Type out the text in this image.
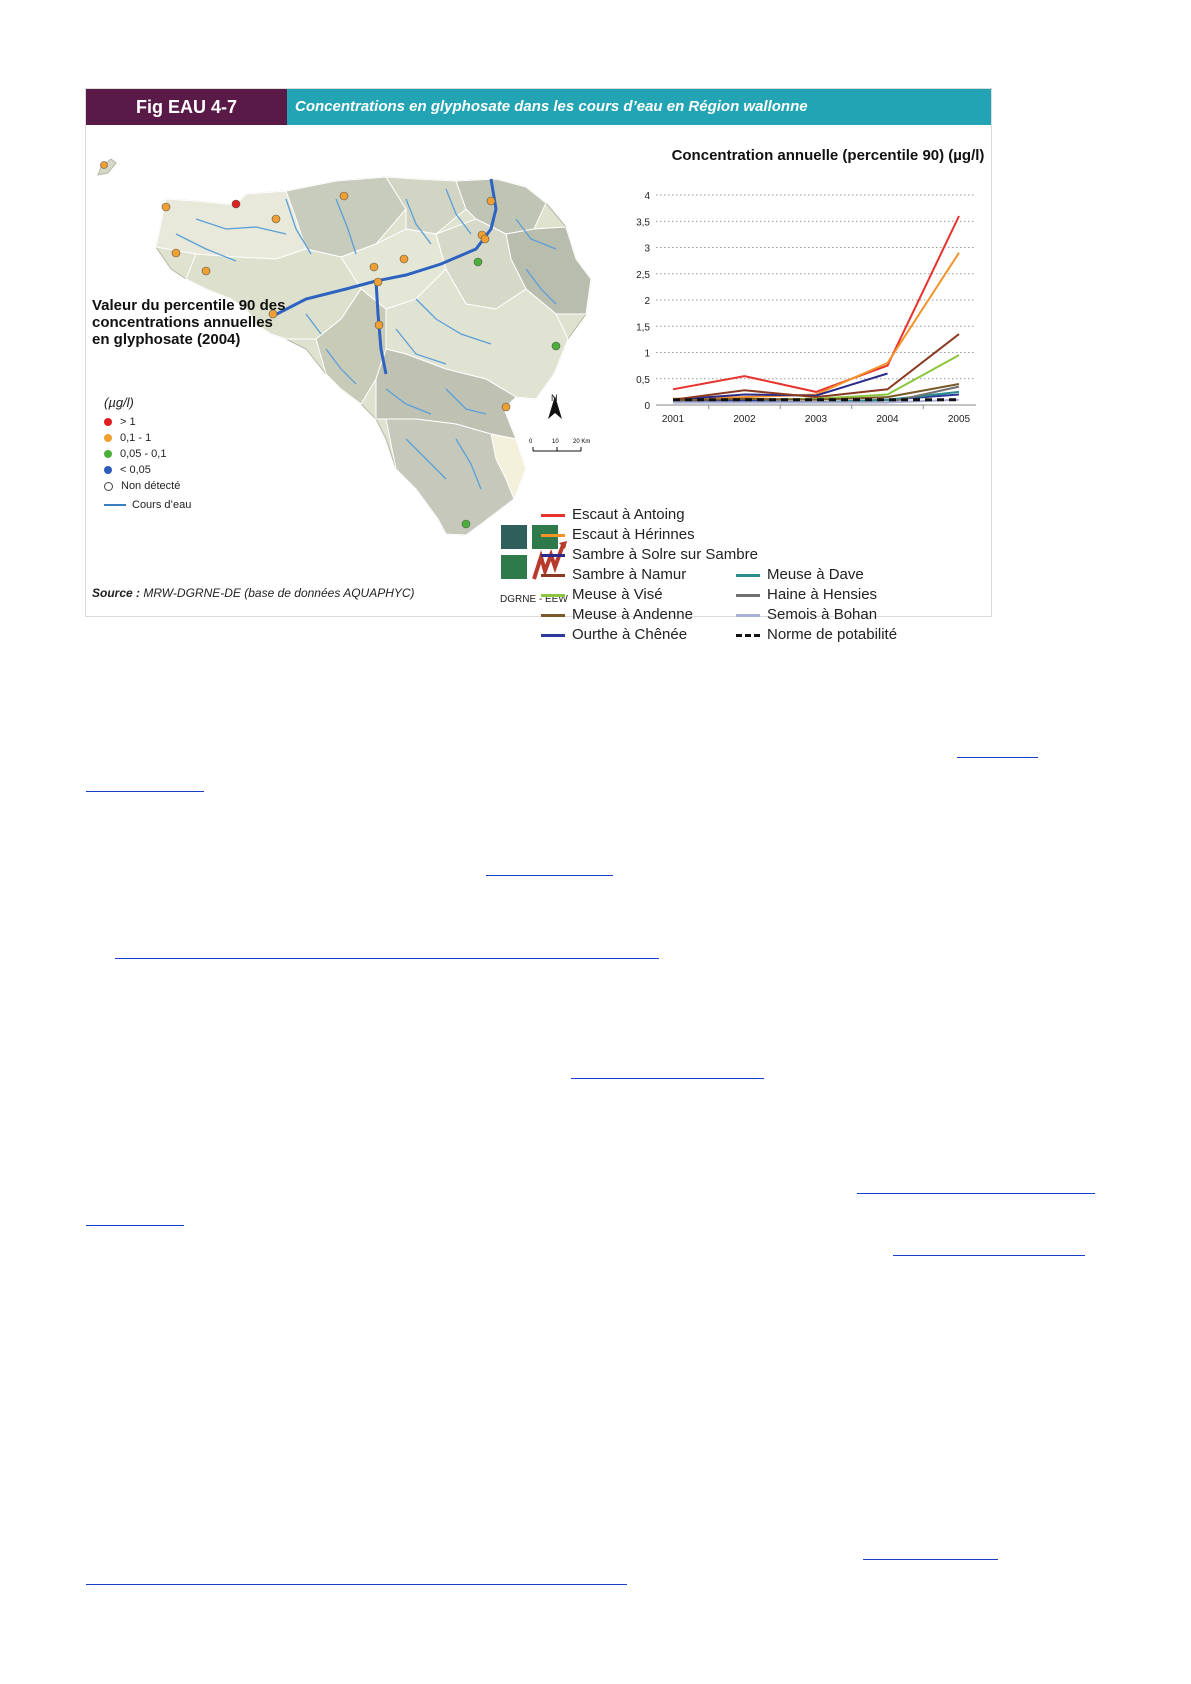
Fig EAU 4-7	Concentrations en glyphosate dans les cours d’eau en Région wallonne
N
0	10 20 Km
Valeur du percentile 90 des concentrations annuelles en glyphosate (2004)
(µg/l)
> 1
0,1 - 1
0,05 - 0,1
< 0,05
Non détecté
Cours d’eau
Source : MRW-DGRNE-DE (base de données AQUAPHYC)	DGRNE - EEW
Concentration annuelle (percentile 90) (µg/l)
0
0,5
1
1,5
2
2,5
3
3,5
4
2001	2002	2003	2004	2005
Escaut à Antoing
Escaut à Hérinnes
Sambre à Solre sur Sambre
Sambre à Namur
Meuse à Visé
Meuse à Andenne
Ourthe à Chênée
Meuse à Dave
Haine à Hensies
Semois à Bohan
Norme de potabilité
